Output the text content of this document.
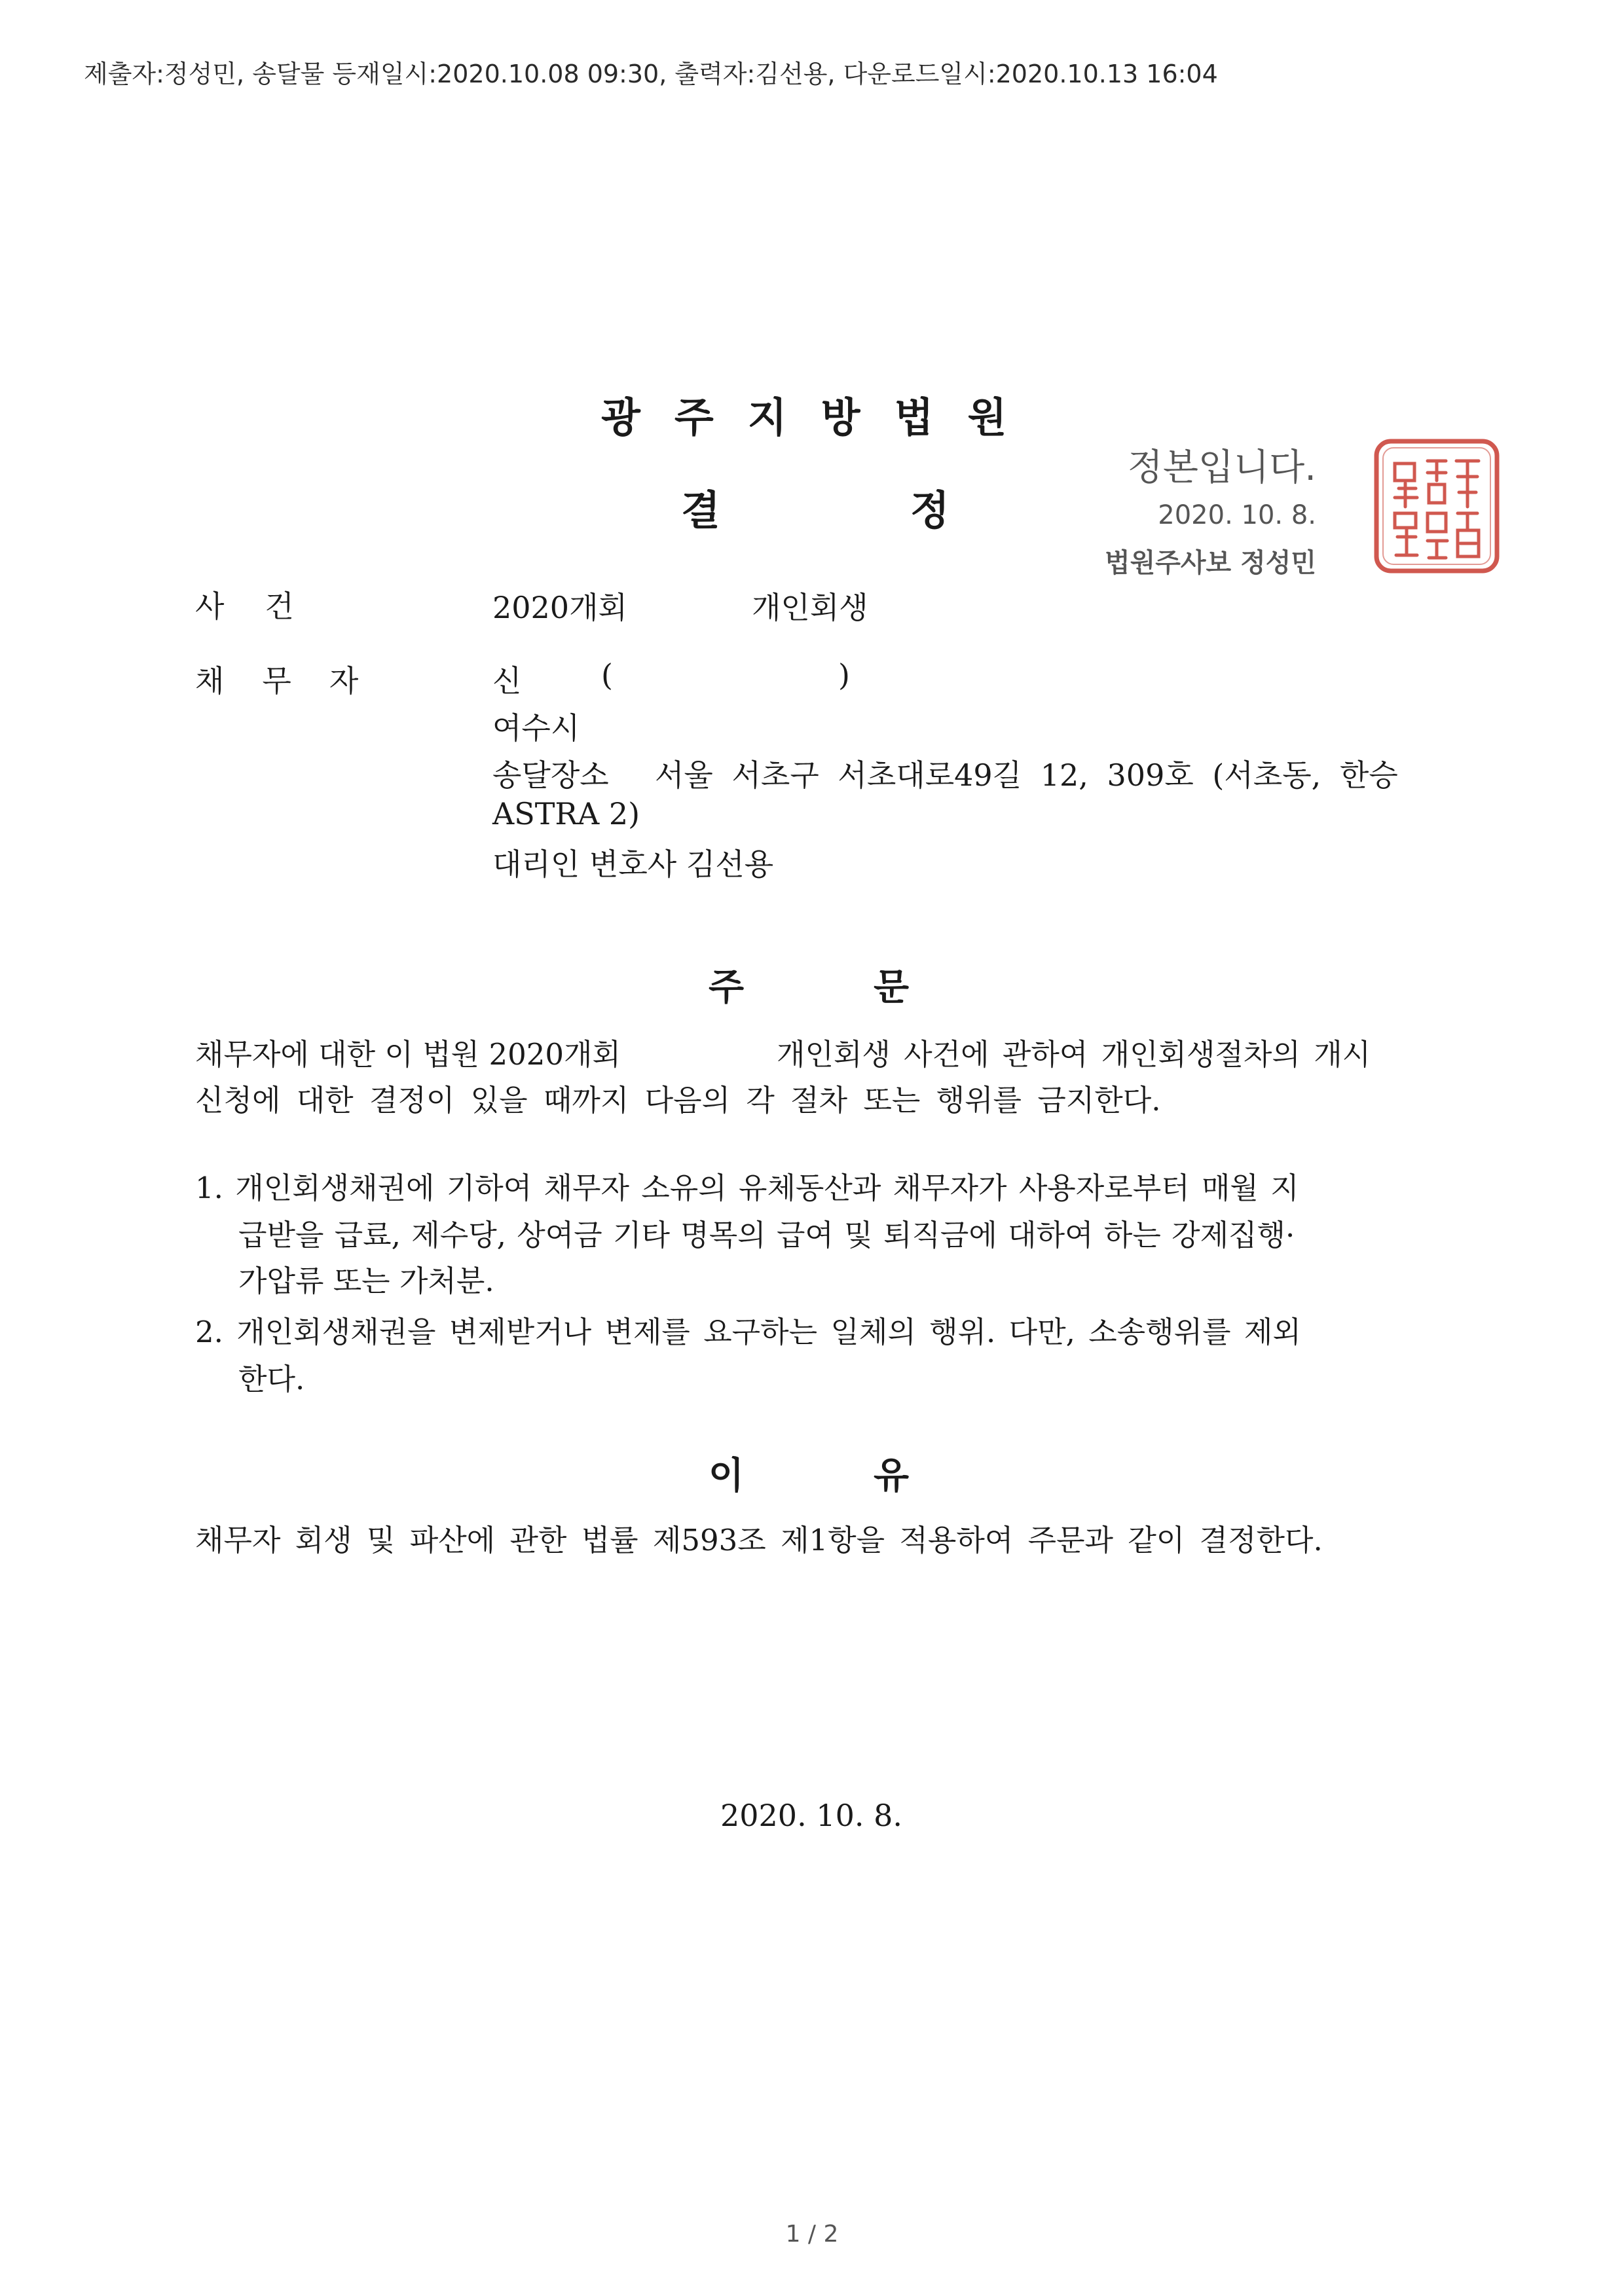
제출자:정성민, 송달물 등재일시:2020.10.08 09:30, 출력자:김선용, 다운로드일시:2020.10.13 16:04
광주지방법원
결	정
정본입니다.
2020. 10. 8.
법원주사보 정성민
사건	2020개회	개인회생
채무자	신	(	)
여수시
송달장소 서울 서초구 서초대로49길 12, 309호 (서초동, 한승
ASTRA 2)
대리인 변호사 김선용
주	문
채무자에 대한 이 법원 2020개회	개인회생 사건에 관하여 개인회생절차의 개시
신청에 대한 결정이 있을 때까지 다음의 각 절차 또는 행위를 금지한다.
1. 개인회생채권에 기하여 채무자 소유의 유체동산과 채무자가 사용자로부터 매월 지
급받을 급료, 제수당, 상여금 기타 명목의 급여 및 퇴직금에 대하여 하는 강제집행·
가압류 또는 가처분.
2. 개인회생채권을 변제받거나 변제를 요구하는 일체의 행위. 다만, 소송행위를 제외
한다.
이	유
채무자 회생 및 파산에 관한 법률 제593조 제1항을 적용하여 주문과 같이 결정한다.
2020. 10. 8.
1 / 2
